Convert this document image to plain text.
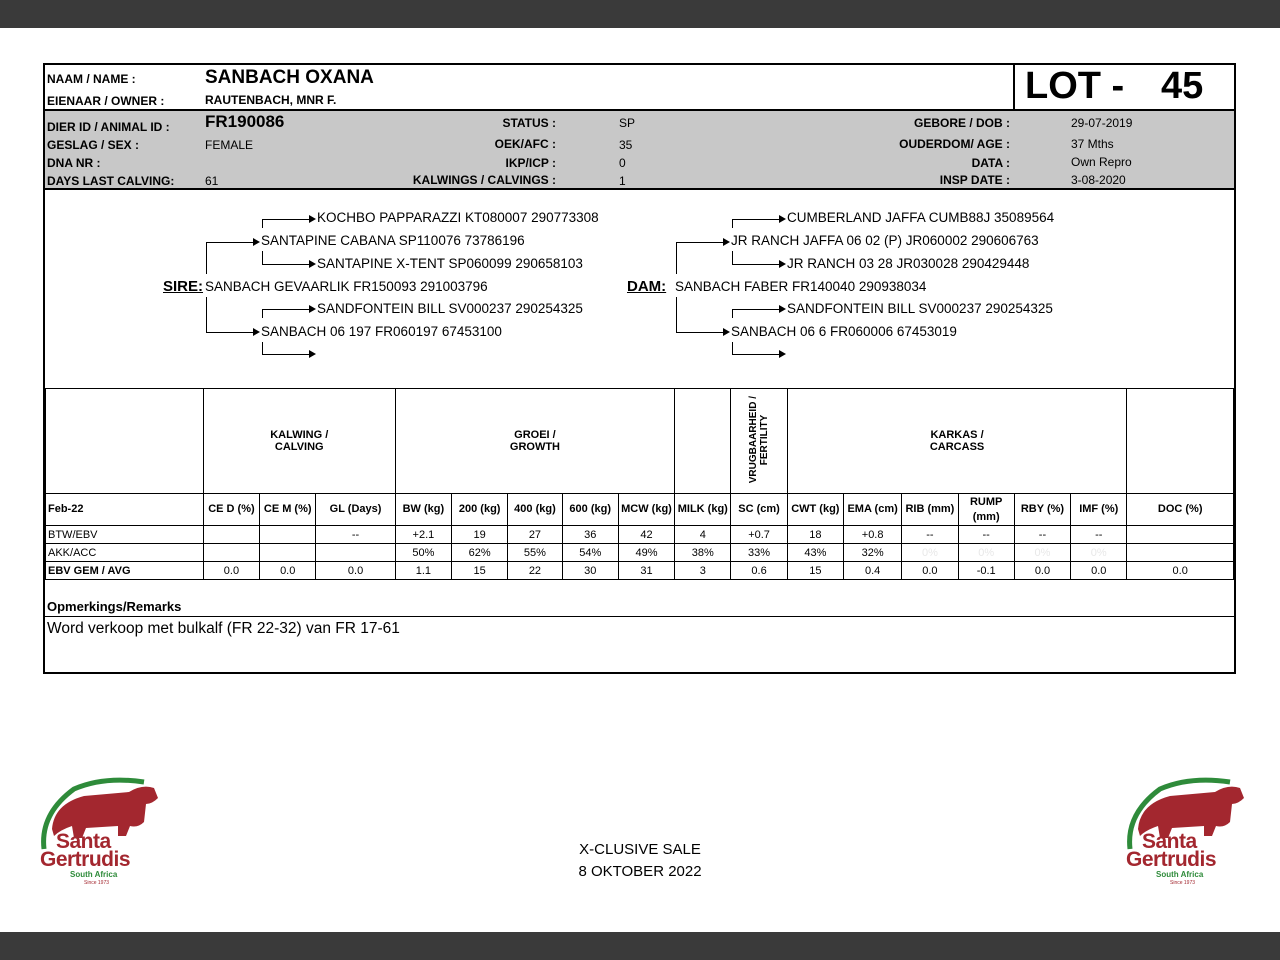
NAAM / NAME :	SANBACH OXANA
EIENAAR / OWNER :	RAUTENBACH, MNR F.	LOT - 45
DIER ID / ANIMAL ID : FR190086
GESLAG / SEX :	FEMALE
DNA NR :
DAYS LAST CALVING:	61
STATUS :	SP
OEK/AFC :	35
IKP/ICP :	0
KALWINGS / CALVINGS :	1
GEBORE / DOB :	29-07-2019
OUDERDOM/ AGE :	37 Mths
DATA :	Own Repro
INSP DATE :	3-08-2020
SIRE: SANBACH GEVAARLIK FR150093 291003796
SANTAPINE CABANA SP110076 73786196
SANBACH 06 197 FR060197 67453100
KOCHBO PAPPARAZZI KT080007 290773308
SANTAPINE X-TENT SP060099 290658103
SANDFONTEIN BILL SV000237 290254325
DAM: SANBACH FABER FR140040 290938034
JR RANCH JAFFA 06 02 (P) JR060002 290606763
SANBACH 06 6 FR060006 67453019
CUMBERLAND JAFFA CUMB88J 35089564
JR RANCH 03 28 JR030028 290429448
SANDFONTEIN BILL SV000237 290254325
	KALWING /
CALVING			GROEI /
GROWTH						VRUGBAARHEID /
FERTILITY	KARKAS /
CARCASS						
Feb-22	CE D (%)	CE M (%)	GL (Days)	BW (kg)	200 (kg)	400 (kg)	600 (kg)	MCW (kg)	MILK (kg)	SC (cm)	CWT (kg)	EMA (cm)	RIB (mm)	RUMP (mm)	RBY (%)	IMF (%)	DOC (%)
BTW/EBV			--	+2.1	19	27	36	42	4	+0.7	18	+0.8	--	--	--	--	
AKK/ACC				50%	62%	55%	54%	49%	38%	33%	43%	32%	0%	0%	0%	0%	
EBV GEM / AVG	0.0	0.0	0.0	1.1	15	22	30	31	3	0.6	15	0.4	0.0	-0.1	0.0	0.0	0.0
Opmerkings/Remarks
Word verkoop met bulkalf (FR 22-32) van FR 17-61
X-CLUSIVE SALE
8 OKTOBER 2022
Santa
Gertrudis
South Africa
Since 1973
Santa
Gertrudis
South Africa
Since 1973
